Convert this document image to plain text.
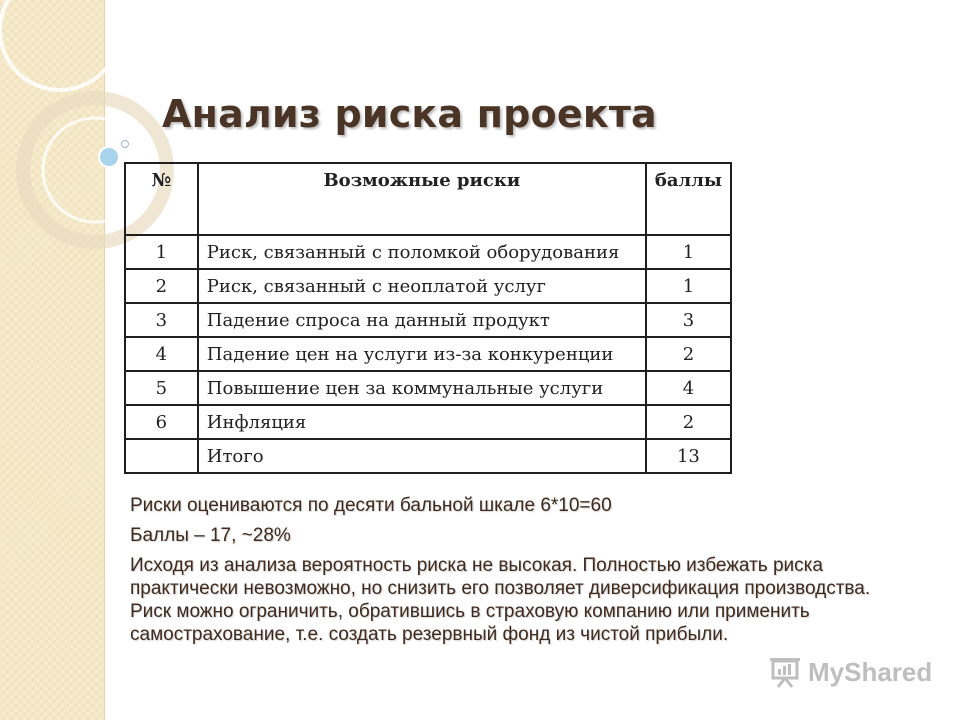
Анализ риска проекта
№	Возможные риски	баллы
1	Риск, связанный с поломкой оборудования	1
2	Риск, связанный с неоплатой услуг	1
3	Падение спроса на данный продукт	3
4	Падение цен на услуги из-за конкуренции	2
5	Повышение цен за коммунальные услуги	4
6	Инфляция	2
	Итого	13

Риски оцениваются по десяти бальной шкале 6*10=60

Баллы – 17, ~28%

Исходя из анализа вероятность риска не высокая. Полностью избежать риска практически невозможно, но снизить его позволяет диверсификация производства. Риск можно ограничить, обратившись в страховую компанию или применить самострахование, т.е. создать резервный фонд из чистой прибыли.

MyShared
